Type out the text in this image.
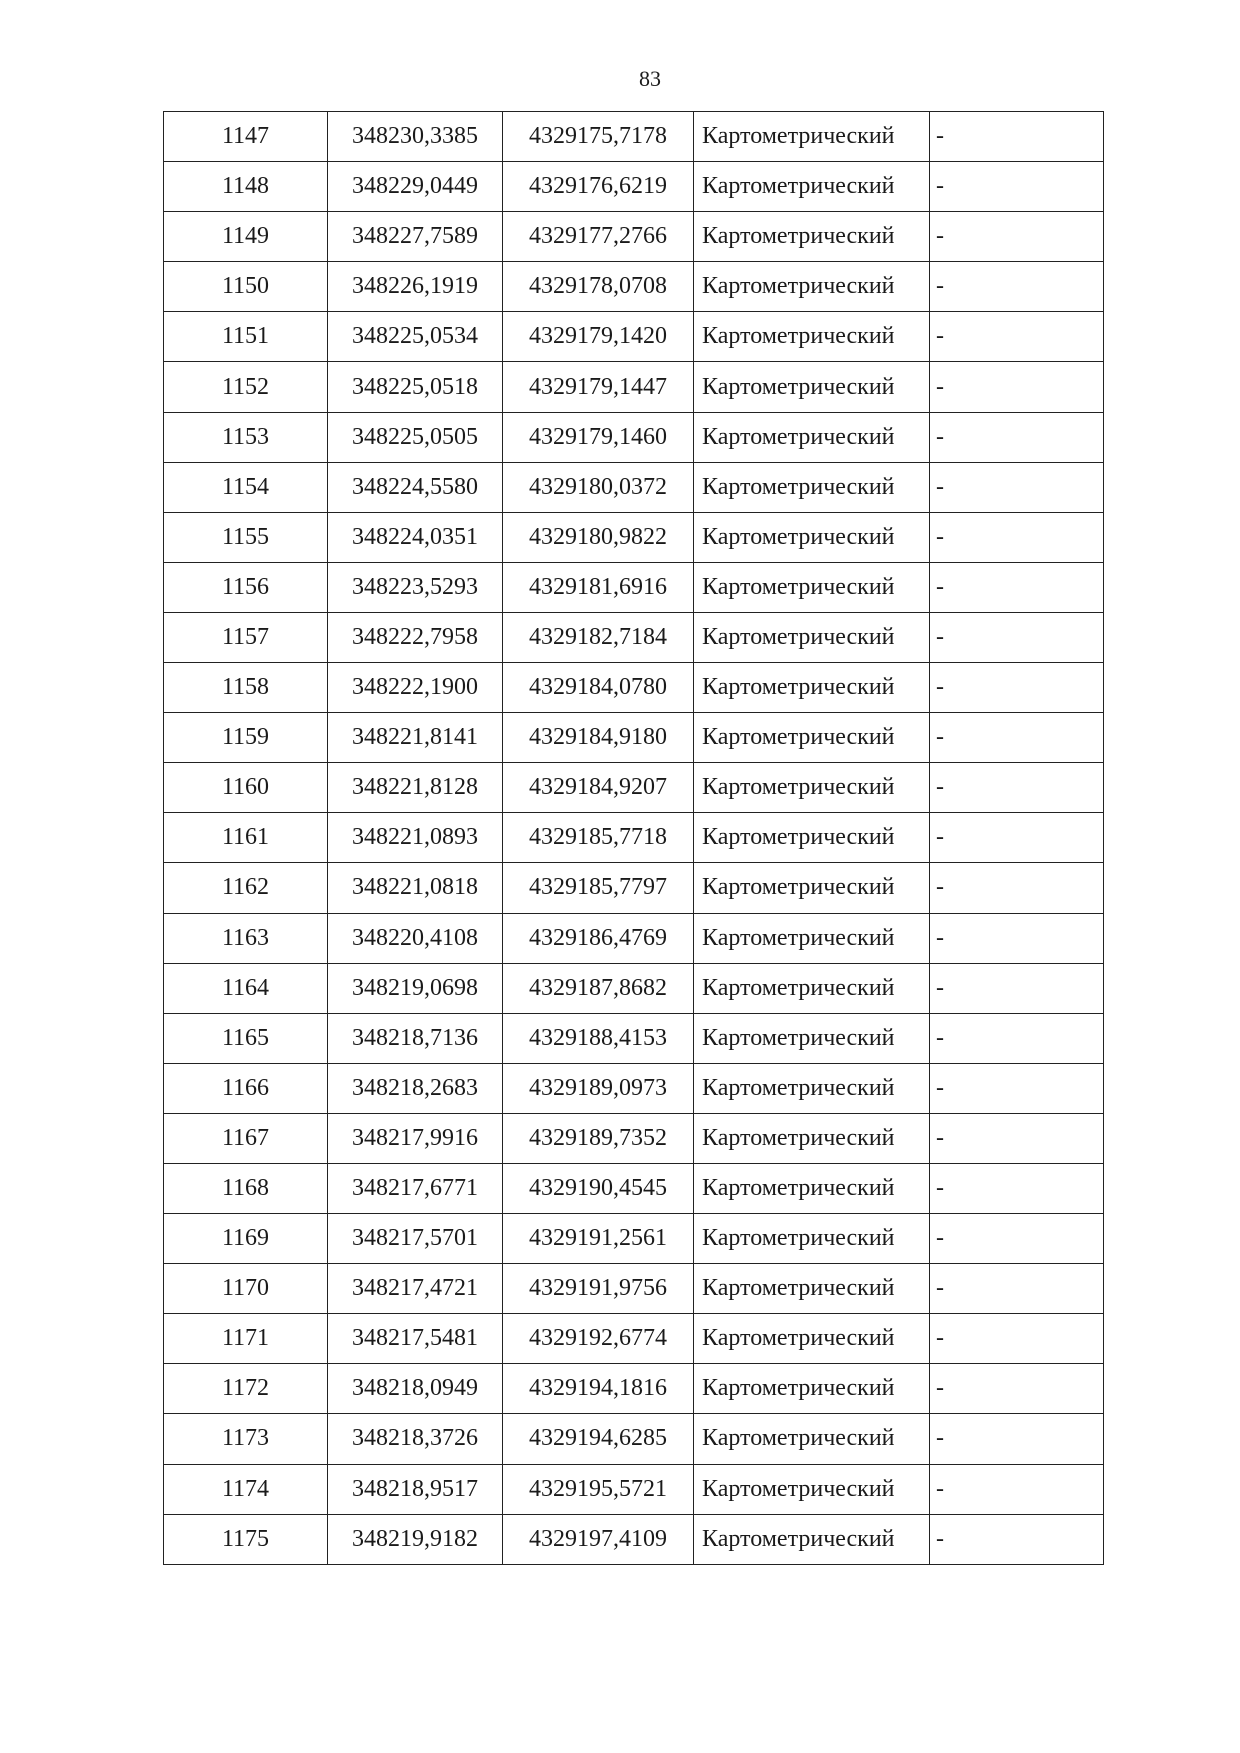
83
1147	348230,3385	4329175,7178	Картометрический	-
1148	348229,0449	4329176,6219	Картометрический	-
1149	348227,7589	4329177,2766	Картометрический	-
1150	348226,1919	4329178,0708	Картометрический	-
1151	348225,0534	4329179,1420	Картометрический	-
1152	348225,0518	4329179,1447	Картометрический	-
1153	348225,0505	4329179,1460	Картометрический	-
1154	348224,5580	4329180,0372	Картометрический	-
1155	348224,0351	4329180,9822	Картометрический	-
1156	348223,5293	4329181,6916	Картометрический	-
1157	348222,7958	4329182,7184	Картометрический	-
1158	348222,1900	4329184,0780	Картометрический	-
1159	348221,8141	4329184,9180	Картометрический	-
1160	348221,8128	4329184,9207	Картометрический	-
1161	348221,0893	4329185,7718	Картометрический	-
1162	348221,0818	4329185,7797	Картометрический	-
1163	348220,4108	4329186,4769	Картометрический	-
1164	348219,0698	4329187,8682	Картометрический	-
1165	348218,7136	4329188,4153	Картометрический	-
1166	348218,2683	4329189,0973	Картометрический	-
1167	348217,9916	4329189,7352	Картометрический	-
1168	348217,6771	4329190,4545	Картометрический	-
1169	348217,5701	4329191,2561	Картометрический	-
1170	348217,4721	4329191,9756	Картометрический	-
1171	348217,5481	4329192,6774	Картометрический	-
1172	348218,0949	4329194,1816	Картометрический	-
1173	348218,3726	4329194,6285	Картометрический	-
1174	348218,9517	4329195,5721	Картометрический	-
1175	348219,9182	4329197,4109	Картометрический	-
